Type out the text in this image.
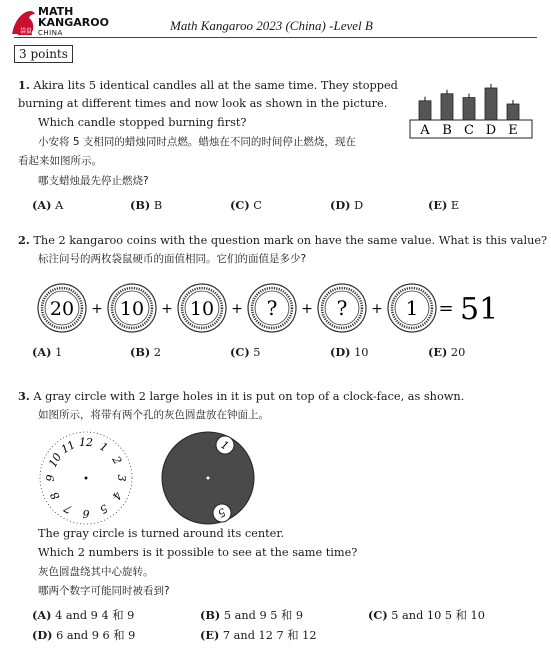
袋鼠
MATH
KANGAROO
CHINA	Math Kangaroo 2023 (China) -Level B
3 points
1. Akira lits 5 identical candles all at the same time. They stopped
burning at different times and now look as shown in the picture.
Which candle stopped burning first?
小安将 5 支相同的蜡烛同时点燃。蜡烛在不同的时间停止燃烧，现在
看起来如图所示。
哪支蜡烛最先停止燃烧?
A B C D E
(A) A	(B) B	(C) C	(D) D	(E) E
2. The 2 kangaroo coins with the question mark on have the same value. What is this value?
标注问号的两枚袋鼠硬币的面值相同。它们的面值是多少?
20 + 10 + 10 + ? + ? + 1 = 51
(A) 1	(B) 2	(C) 5	(D) 10	(E) 20
3. A gray circle with 2 large holes in it is put on top of a clock-face, as shown.
如图所示，将带有两个孔的灰色圆盘放在钟面上。
12 1
2
3
4
5
6
7
8
9
10
11	1
5
The gray circle is turned around its center.
Which 2 numbers is it possible to see at the same time?
灰色圆盘绕其中心旋转。
哪两个数字可能同时被看到?
(A) 4 and 9 4 和 9	(B) 5 and 9 5 和 9	(C) 5 and 10 5 和 10
(D) 6 and 9 6 和 9	(E) 7 and 12 7 和 12
